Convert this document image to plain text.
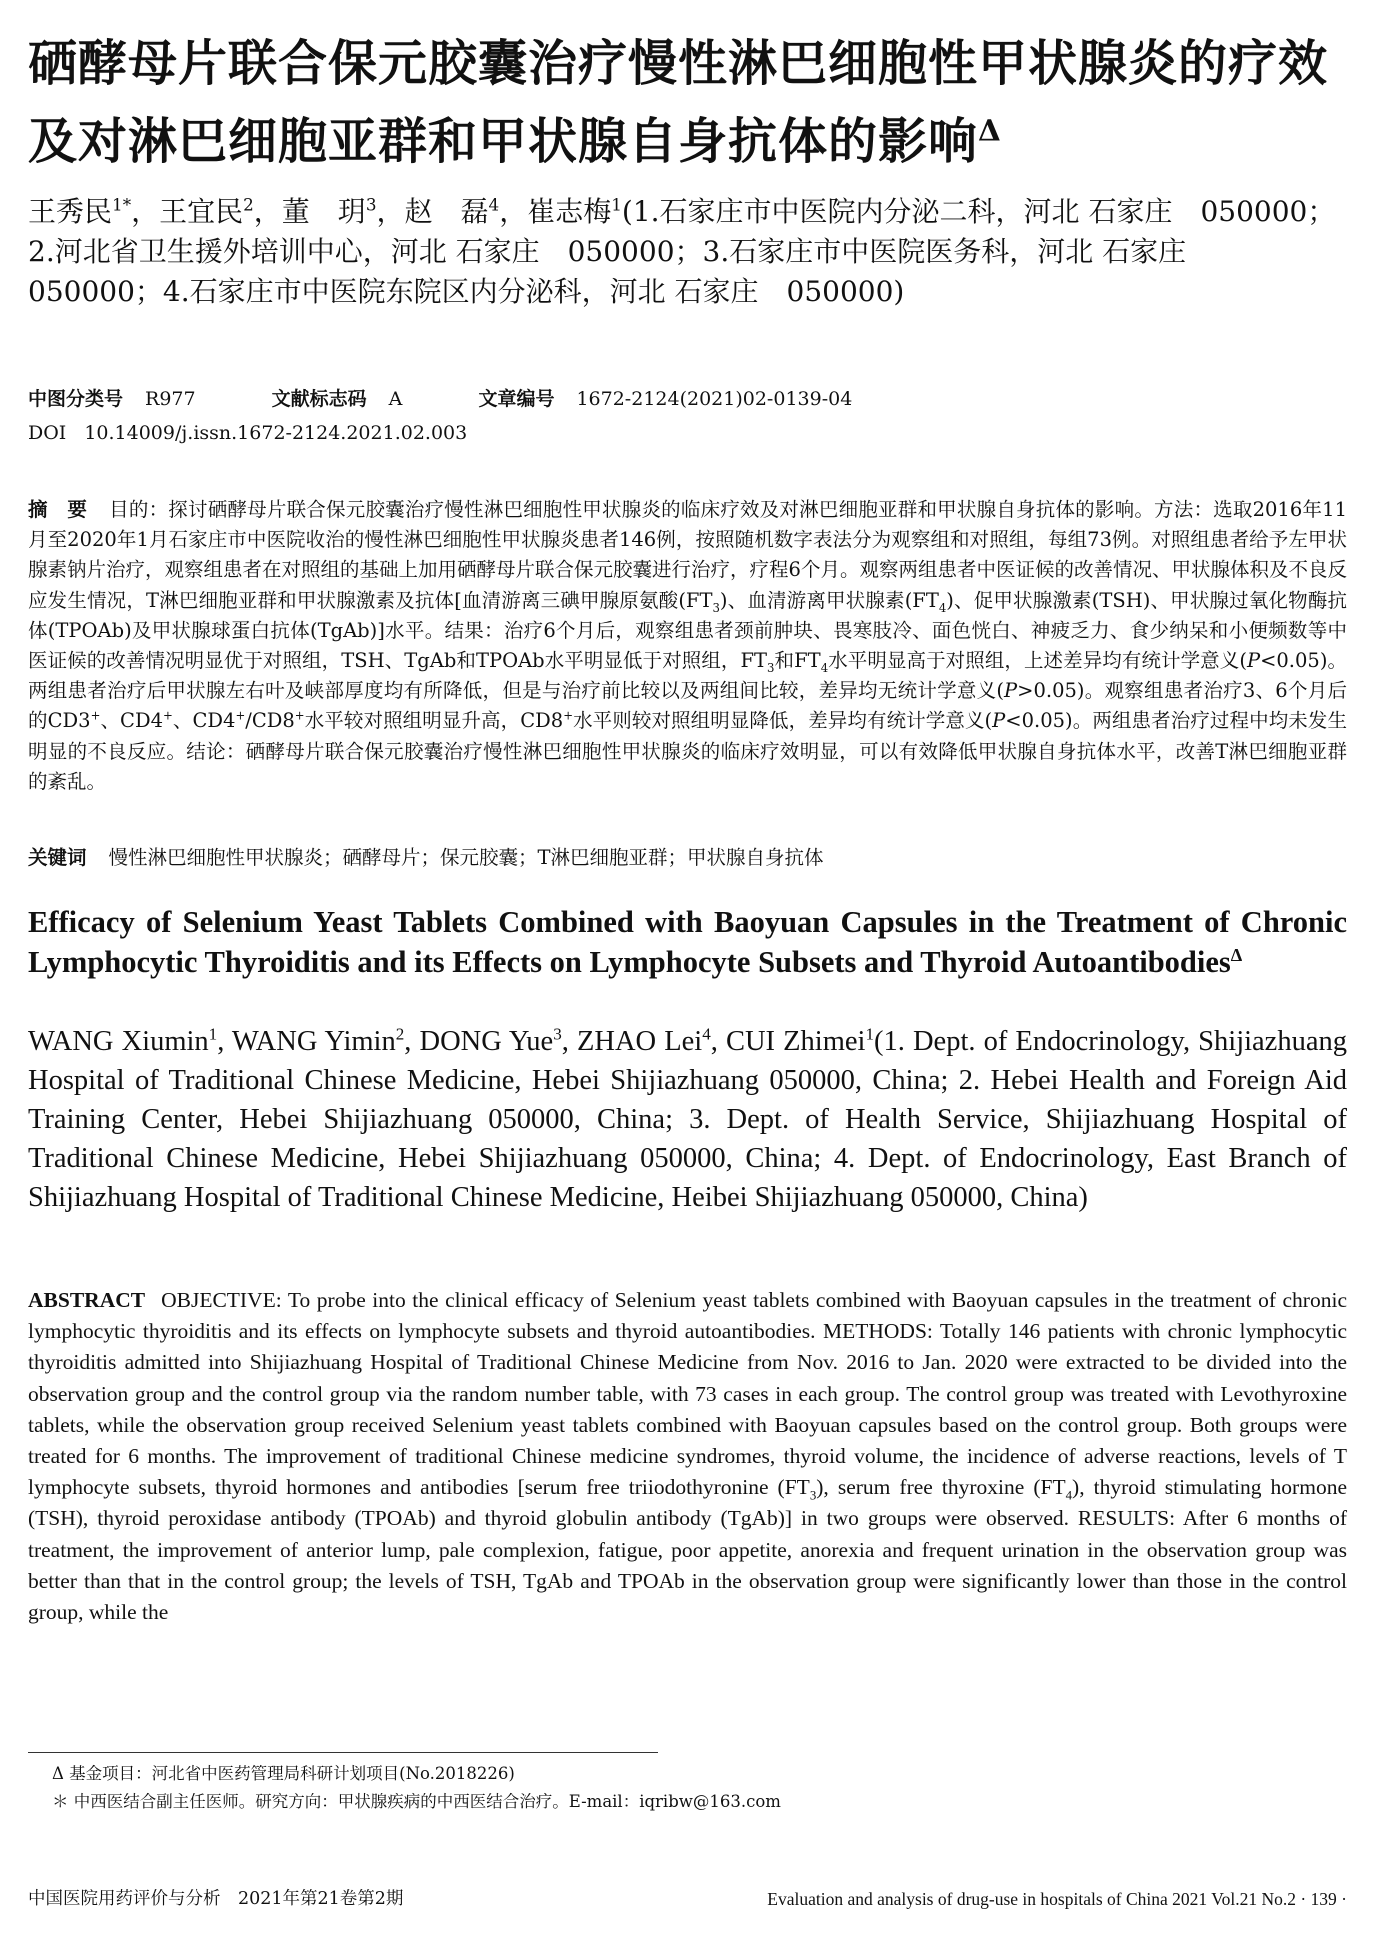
硒酵母片联合保元胶囊治疗慢性淋巴细胞性甲状腺炎的疗效及对淋巴细胞亚群和甲状腺自身抗体的影响$^\Delta$
王秀民$^{1*}$，王宜民$^2$，董　玥$^3$，赵　磊$^4$，崔志梅$^1$(1.石家庄市中医院内分泌二科，河北 石家庄　050000；2.河北省卫生援外培训中心，河北 石家庄　050000；3.石家庄市中医院医务科，河北 石家庄　050000；4.石家庄市中医院东院区内分泌科，河北 石家庄　050000)
中图分类号 R977	文献标志码 A	文章编号 1672-2124(2021)02-0139-04
DOI 10.14009/j.issn.1672-2124.2021.02.003
摘　要 目的：探讨硒酵母片联合保元胶囊治疗慢性淋巴细胞性甲状腺炎的临床疗效及对淋巴细胞亚群和甲状腺自身抗体的影响。方法：选取2016年11月至2020年1月石家庄市中医院收治的慢性淋巴细胞性甲状腺炎患者146例，按照随机数字表法分为观察组和对照组，每组73例。对照组患者给予左甲状腺素钠片治疗，观察组患者在对照组的基础上加用硒酵母片联合保元胶囊进行治疗，疗程6个月。观察两组患者中医证候的改善情况、甲状腺体积及不良反应发生情况，T淋巴细胞亚群和甲状腺激素及抗体[血清游离三碘甲腺原氨酸$(FT_3)$、血清游离甲状腺素$(FT_4)$、促甲状腺激素(TSH)、甲状腺过氧化物酶抗体(TPOAb)及甲状腺球蛋白抗体(TgAb)]水平。结果：治疗6个月后，观察组患者颈前肿块、畏寒肢冷、面色恍白、神疲乏力、食少纳呆和小便频数等中医证候的改善情况明显优于对照组，TSH、TgAb和TPOAb水平明显低于对照组，$FT_3$和$FT_4$水平明显高于对照组，上述差异均有统计学意义(P<0.05)。两组患者治疗后甲状腺左右叶及峡部厚度均有所降低，但是与治疗前比较以及两组间比较，差异均无统计学意义(P>0.05)。观察组患者治疗3、6个月后的CD3+、CD4+、CD4+/CD8+水平较对照组明显升高，CD8+水平则较对照组明显降低，差异均有统计学意义(P<0.05)。两组患者治疗过程中均未发生明显的不良反应。结论：硒酵母片联合保元胶囊治疗慢性淋巴细胞性甲状腺炎的临床疗效明显，可以有效降低甲状腺自身抗体水平，改善T淋巴细胞亚群的紊乱。
关键词 慢性淋巴细胞性甲状腺炎；硒酵母片；保元胶囊；T淋巴细胞亚群；甲状腺自身抗体
Efficacy of Selenium Yeast Tablets Combined with Baoyuan Capsules in the Treatment of Chronic Lymphocytic Thyroiditis and its Effects on Lymphocyte Subsets and Thyroid Autoantibodies$^\Delta$
WANG Xiumin$^1$, WANG Yimin$^2$, DONG Yue$^3$, ZHAO Lei$^4$, CUI Zhimei$^1$(1. Dept. of Endocrinology, Shijiazhuang Hospital of Traditional Chinese Medicine, Hebei Shijiazhuang 050000, China; 2. Hebei Health and Foreign Aid Training Center, Hebei Shijiazhuang 050000, China; 3. Dept. of Health Service, Shijiazhuang Hospital of Traditional Chinese Medicine, Hebei Shijiazhuang 050000, China; 4. Dept. of Endocrinology, East Branch of Shijiazhuang Hospital of Traditional Chinese Medicine, Heibei Shijiazhuang 050000, China)
ABSTRACT OBJECTIVE: To probe into the clinical efficacy of Selenium yeast tablets combined with Baoyuan capsules in the treatment of chronic lymphocytic thyroiditis and its effects on lymphocyte subsets and thyroid autoantibodies. METHODS: Totally 146 patients with chronic lymphocytic thyroiditis admitted into Shijiazhuang Hospital of Traditional Chinese Medicine from Nov. 2016 to Jan. 2020 were extracted to be divided into the observation group and the control group via the random number table, with 73 cases in each group. The control group was treated with Levothyroxine tablets, while the observation group received Selenium yeast tablets combined with Baoyuan capsules based on the control group. Both groups were treated for 6 months. The improvement of traditional Chinese medicine syndromes, thyroid volume, the incidence of adverse reactions, levels of T lymphocyte subsets, thyroid hormones and antibodies [serum free triiodothyronine $(FT_3)$, serum free thyroxine $(FT_4)$, thyroid stimulating hormone (TSH), thyroid peroxidase antibody (TPOAb) and thyroid globulin antibody (TgAb)] in two groups were observed. RESULTS: After 6 months of treatment, the improvement of anterior lump, pale complexion, fatigue, poor appetite, anorexia and frequent urination in the observation group was better than that in the control group; the levels of TSH, TgAb and TPOAb in the observation group were significantly lower than those in the control group, while the
Δ 基金项目：河北省中医药管理局科研计划项目(No.2018226)
＊ 中西医结合副主任医师。研究方向：甲状腺疾病的中西医结合治疗。E-mail：iqribw@163.com
中国医院用药评价与分析　2021年第21卷第2期	Evaluation and analysis of drug-use in hospitals of China 2021 Vol.21 No.2 · 139 ·
